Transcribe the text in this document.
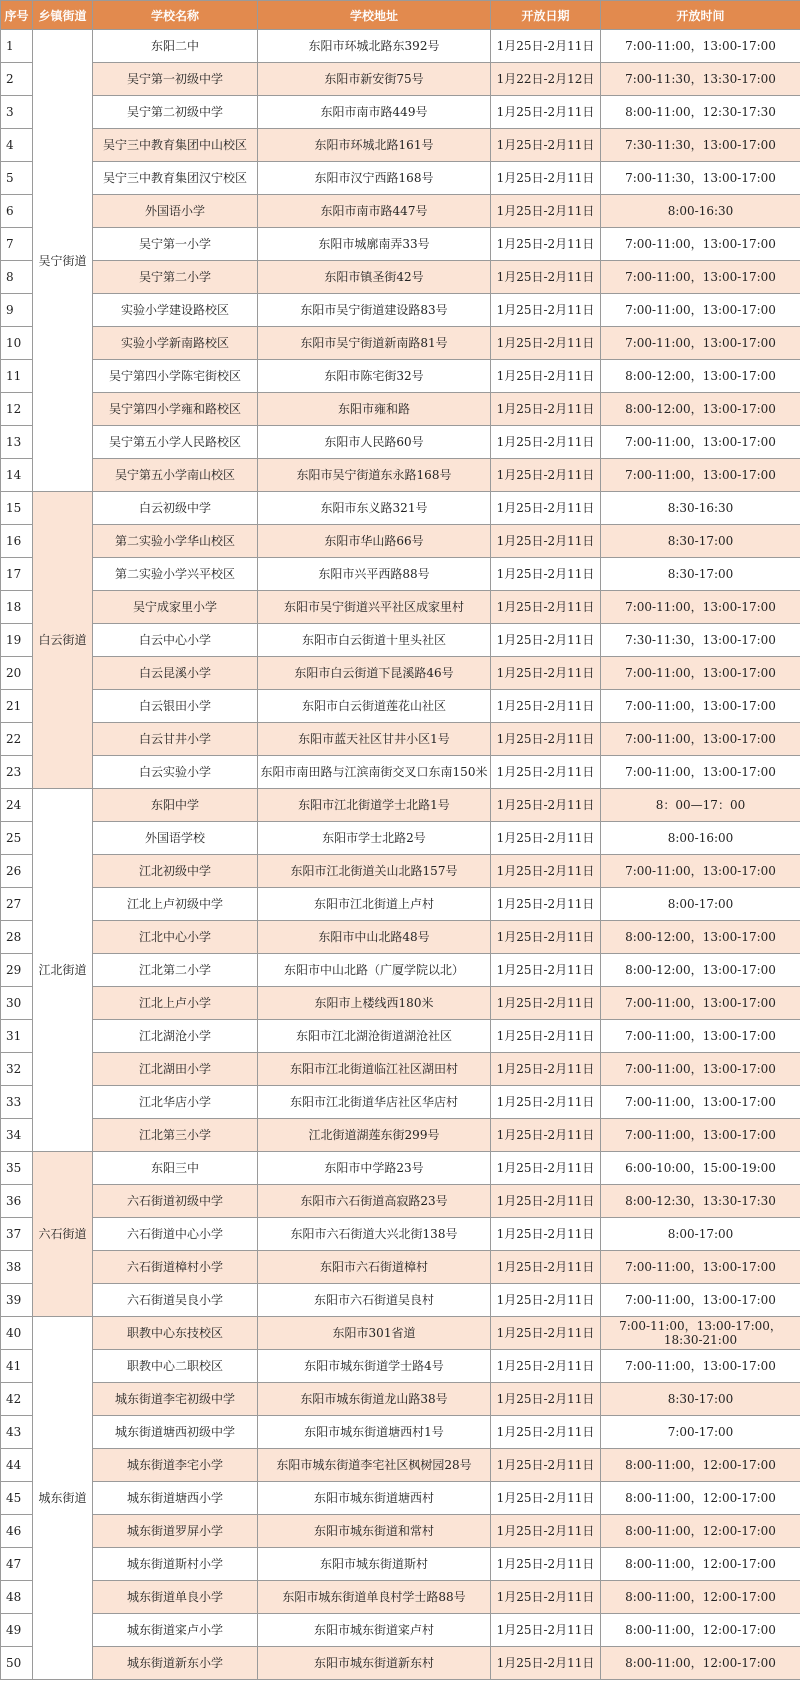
序号	乡镇街道	学校名称	学校地址	开放日期	开放时间
1	吴宁街道	东阳二中	东阳市环城北路东392号	1月25日-2月11日	7:00-11:00，13:00-17:00
2		吴宁第一初级中学	东阳市新安街75号	1月22日-2月12日	7:00-11:30，13:30-17:00
3		吴宁第二初级中学	东阳市南市路449号	1月25日-2月11日	8:00-11:00，12:30-17:30
4		吴宁三中教育集团中山校区	东阳市环城北路161号	1月25日-2月11日	7:30-11:30，13:00-17:00
5		吴宁三中教育集团汉宁校区	东阳市汉宁西路168号	1月25日-2月11日	7:00-11:30，13:00-17:00
6		外国语小学	东阳市南市路447号	1月25日-2月11日	8:00-16:30
7		吴宁第一小学	东阳市城廓南弄33号	1月25日-2月11日	7:00-11:00，13:00-17:00
8		吴宁第二小学	东阳市镇圣街42号	1月25日-2月11日	7:00-11:00，13:00-17:00
9		实验小学建设路校区	东阳市吴宁街道建设路83号	1月25日-2月11日	7:00-11:00，13:00-17:00
10		实验小学新南路校区	东阳市吴宁街道新南路81号	1月25日-2月11日	7:00-11:00，13:00-17:00
11		吴宁第四小学陈宅街校区	东阳市陈宅街32号	1月25日-2月11日	8:00-12:00，13:00-17:00
12		吴宁第四小学雍和路校区	东阳市雍和路	1月25日-2月11日	8:00-12:00，13:00-17:00
13		吴宁第五小学人民路校区	东阳市人民路60号	1月25日-2月11日	7:00-11:00，13:00-17:00
14		吴宁第五小学南山校区	东阳市吴宁街道东永路168号	1月25日-2月11日	7:00-11:00，13:00-17:00
15	白云街道	白云初级中学	东阳市东义路321号	1月25日-2月11日	8:30-16:30
16		第二实验小学华山校区	东阳市华山路66号	1月25日-2月11日	8:30-17:00
17		第二实验小学兴平校区	东阳市兴平西路88号	1月25日-2月11日	8:30-17:00
18		吴宁成家里小学	东阳市吴宁街道兴平社区成家里村	1月25日-2月11日	7:00-11:00，13:00-17:00
19		白云中心小学	东阳市白云街道十里头社区	1月25日-2月11日	7:30-11:30，13:00-17:00
20		白云昆溪小学	东阳市白云街道下昆溪路46号	1月25日-2月11日	7:00-11:00，13:00-17:00
21		白云银田小学	东阳市白云街道莲花山社区	1月25日-2月11日	7:00-11:00，13:00-17:00
22		白云甘井小学	东阳市蓝天社区甘井小区1号	1月25日-2月11日	7:00-11:00，13:00-17:00
23		白云实验小学	东阳市南田路与江滨南街交叉口东南150米	1月25日-2月11日	7:00-11:00，13:00-17:00
24	江北街道	东阳中学	东阳市江北街道学士北路1号	1月25日-2月11日	8：00—17：00
25		外国语学校	东阳市学士北路2号	1月25日-2月11日	8:00-16:00
26		江北初级中学	东阳市江北街道关山北路157号	1月25日-2月11日	7:00-11:00，13:00-17:00
27		江北上卢初级中学	东阳市江北街道上卢村	1月25日-2月11日	8:00-17:00
28		江北中心小学	东阳市中山北路48号	1月25日-2月11日	8:00-12:00，13:00-17:00
29		江北第二小学	东阳市中山北路（广厦学院以北）	1月25日-2月11日	8:00-12:00，13:00-17:00
30		江北上卢小学	东阳市上楼线西180米	1月25日-2月11日	7:00-11:00，13:00-17:00
31		江北湖沧小学	东阳市江北湖沧街道湖沧社区	1月25日-2月11日	7:00-11:00，13:00-17:00
32		江北湖田小学	东阳市江北街道临江社区湖田村	1月25日-2月11日	7:00-11:00，13:00-17:00
33		江北华店小学	东阳市江北街道华店社区华店村	1月25日-2月11日	7:00-11:00，13:00-17:00
34		江北第三小学	江北街道湖莲东街299号	1月25日-2月11日	7:00-11:00，13:00-17:00
35	六石街道	东阳三中	东阳市中学路23号	1月25日-2月11日	6:00-10:00，15:00-19:00
36		六石街道初级中学	东阳市六石街道高寂路23号	1月25日-2月11日	8:00-12:30，13:30-17:30
37		六石街道中心小学	东阳市六石街道大兴北街138号	1月25日-2月11日	8:00-17:00
38		六石街道樟村小学	东阳市六石街道樟村	1月25日-2月11日	7:00-11:00，13:00-17:00
39		六石街道吴良小学	东阳市六石街道吴良村	1月25日-2月11日	7:00-11:00，13:00-17:00
40	城东街道	职教中心东技校区	东阳市301省道	1月25日-2月11日	7:00-11:00，13:00-17:00，18:30-21:00
41		职教中心二职校区	东阳市城东街道学士路4号	1月25日-2月11日	7:00-11:00，13:00-17:00
42		城东街道李宅初级中学	东阳市城东街道龙山路38号	1月25日-2月11日	8:30-17:00
43		城东街道塘西初级中学	东阳市城东街道塘西村1号	1月25日-2月11日	7:00-17:00
44		城东街道李宅小学	东阳市城东街道李宅社区枫树园28号	1月25日-2月11日	8:00-11:00，12:00-17:00
45		城东街道塘西小学	东阳市城东街道塘西村	1月25日-2月11日	8:00-11:00，12:00-17:00
46		城东街道罗屏小学	东阳市城东街道和常村	1月25日-2月11日	8:00-11:00，12:00-17:00
47		城东街道斯村小学	东阳市城东街道斯村	1月25日-2月11日	8:00-11:00，12:00-17:00
48		城东街道单良小学	东阳市城东街道单良村学士路88号	1月25日-2月11日	8:00-11:00，12:00-17:00
49		城东街道寀卢小学	东阳市城东街道寀卢村	1月25日-2月11日	8:00-11:00，12:00-17:00
50		城东街道新东小学	东阳市城东街道新东村	1月25日-2月11日	8:00-11:00，12:00-17:00
